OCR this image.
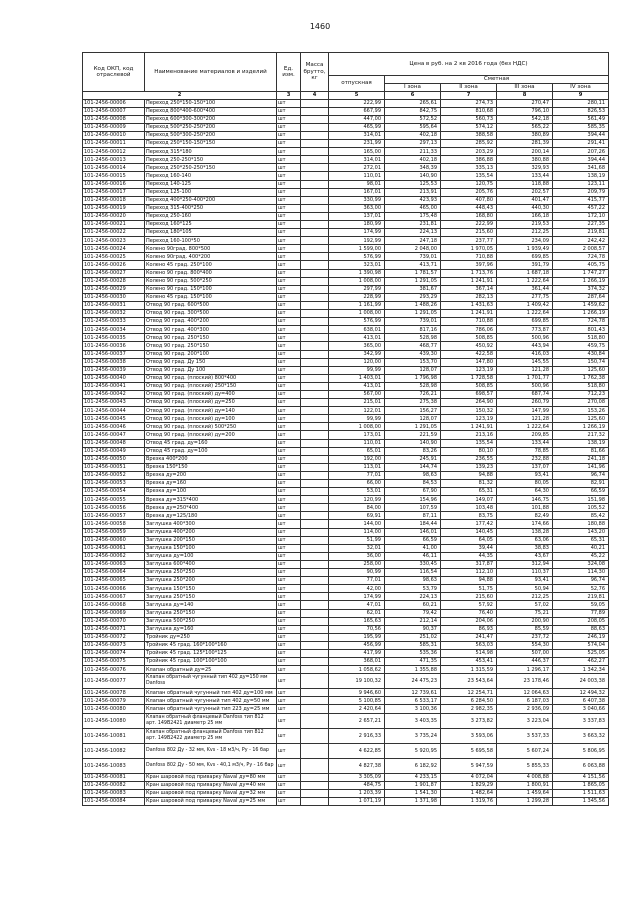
1460
Код ОКП, код отраслевой	Наименование материалов и изделий	Ед. изм.	Масса брутто, кг	Цена в руб. на 2 кв 2016 года (без НДС)				
				отпускная	Сметная			
					I зона	II зона	III зона	IV зона
2		3	4	5	6	7	8	9
101-2456-00006	Переход 250*150-150*100	шт		222,99	265,61	274,73	270,47	280,11
101-2456-00007	Переход 800*400-600*400	шт		667,99	842,75	810,68	796,10	826,53
101-2456-00008	Переход 600*300-300*200	шт		447,00	572,52	560,73	542,18	561,49
101-2456-00009	Переход 500*250-250*200	шт		465,99	595,64	574,12	565,22	585,35
101-2456-00010	Переход 500*300-250*200	шт		314,01	402,18	388,58	380,89	394,44
101-2456-00011	Переход 250*150-150*150	шт		231,99	297,13	285,92	281,39	291,41
101-2456-00012	Переход 315*180	шт		165,00	211,33	203,29	200,14	207,26
101-2456-00013	Переход 250-250*150	шт		314,01	402,18	386,88	380,88	394,44
101-2456-00014	Переход 250*250-250*150	шт		272,01	348,39	335,13	329,93	341,68
101-2456-00015	Переход 160-140	шт		110,01	140,90	135,54	133,44	138,19
101-2456-00016	Переход 140-125	шт		98,01	125,53	120,75	118,88	123,11
101-2456-00017	Переход 125-100	шт		167,01	213,91	205,76	202,57	209,79
101-2456-00018	Переход 400*250-400*200	шт		330,99	423,93	407,80	401,47	415,77
101-2456-00019	Переход 315-400*250	шт		363,00	465,00	448,43	440,30	457,22
101-2456-00020	Переход 250-160	шт		137,01	175,48	168,80	166,18	172,10
101-2456-00021	Переход 160*125	шт		180,99	231,81	222,99	219,53	227,35
101-2456-00022	Переход 180*105	шт		174,99	224,13	215,60	212,25	219,81
101-2456-00023	Переход 160-100*50	шт		192,99	247,18	237,77	234,09	242,42
101-2456-00024	Колено 90град. 800*500	шт		1 599,00	2 048,00	1 970,05	1 939,49	2 008,57
101-2456-00025	Колено 90град. 400*200	шт		576,99	739,01	710,88	699,85	724,78
101-2456-00026	Колено 45 град. 250*100	шт		323,01	413,71	397,96	391,79	405,75
101-2456-00027	Колено 90 град. 800*400	шт		1 390,98	1 781,57	1 713,76	1 687,18	1 747,27
101-2456-00028	Колено 90 град. 500*250	шт		1 008,00	1 291,05	1 241,91	1 222,64	1 266,19
101-2456-00029	Колено 90 град. 150*100	шт		297,99	381,67	367,14	361,44	374,32
101-2456-00030	Колено 45 град. 150*100	шт		228,99	293,29	282,13	277,75	287,64
101-2456-00031	Отвод 90 град. 600*500	шт		1 161,99	1 488,26	1 431,63	1 409,42	1 459,62
101-2456-00032	Отвод 90 град. 300*500	шт		1 008,00	1 291,05	1 241,91	1 222,64	1 266,19
101-2456-00033	Отвод 90 град. 400*200	шт		576,99	739,01	710,88	699,85	724,78
101-2456-00034	Отвод 90 град. 400*300	шт		638,01	817,16	786,06	773,87	801,43
101-2456-00035	Отвод 90 град. 250*150	шт		413,01	528,98	508,85	500,96	518,80
101-2456-00036	Отвод 90 град. 250*150	шт		365,00	468,77	450,92	443,94	459,75
101-2456-00037	Отвод 90 град. 200*100	шт		342,99	439,30	422,58	416,03	430,84
101-2456-00038	Отвод 90 град. Ду 150	шт		120,00	153,70	147,80	145,55	150,74
101-2456-00039	Отвод 90 град. Ду 100	шт		99,99	128,07	123,19	121,28	125,60
101-2456-00040	Отвод 90 град. (плоский) 800*400	шт		1 403,01	1 796,98	1 728,58	1 701,77	1 762,38
101-2456-00041	Отвод 90 град. (плоский) 250*150	шт		413,01	528,98	508,85	500,96	518,80
101-2456-00042	Отвод 90 град. (плоский) ду=400	шт		567,00	726,21	698,57	687,74	712,23
101-2456-00043	Отвод 90 град. (плоский) ду=250	шт		215,01	275,38	264,90	260,79	270,08
101-2456-00044	Отвод 90 град. (плоский) ду=140	шт		122,01	156,27	150,32	147,99	153,26
101-2456-00045	Отвод 90 град. (плоский) ду=100	шт		99,99	128,07	123,19	121,28	125,60
101-2456-00046	Отвод 90 град. (плоский) 500*250	шт		1 008,00	1 291,05	1 241,91	1 222,64	1 266,19
101-2456-00047	Отвод 90 град. (плоский) ду=200	шт		173,01	221,59	213,16	209,85	217,32
101-2456-00048	Отвод 45 град. ду=160	шт		110,01	140,90	135,54	133,44	138,19
101-2456-00049	Отвод 45 град. ду=100	шт		65,01	83,26	80,10	78,85	81,66
101-2456-00050	Врезка 400*200	шт		192,00	245,91	236,55	232,88	241,18
101-2456-00051	Врезка 150*150	шт		113,01	144,74	139,23	137,07	141,96
101-2456-00052	Врезка ду=200	шт		77,01	98,63	94,88	93,41	96,74
101-2456-00053	Врезка ду=160	шт		66,00	84,53	81,32	80,05	82,91
101-2456-00054	Врезка ду=100	шт		53,01	67,90	65,31	64,30	66,59
101-2456-00055	Врезка ду=315*400	шт		120,99	154,96	149,07	146,75	151,98
101-2456-00056	Врезка ду=250*400	шт		84,00	107,59	103,48	101,88	105,52
101-2456-00057	Врезка ду=125/180	шт		69,91	87,11	83,75	82,49	85,42
101-2456-00058	Заглушка 400*300	шт		144,00	184,44	177,42	174,66	180,88
101-2456-00059	Заглушка 400*200	шт		114,00	146,01	140,45	138,28	143,20
101-2456-00060	Заглушка 200*150	шт		51,99	66,59	64,05	63,06	65,31
101-2456-00061	Заглушка 150*100	шт		32,01	41,00	39,44	38,83	40,21
101-2456-00062	Заглушка ду=100	шт		36,00	46,11	44,35	43,67	45,22
101-2456-00063	Заглушка 600*400	шт		258,00	330,45	317,87	312,94	324,08
101-2456-00064	Заглушка 250*250	шт		90,99	116,54	112,10	110,37	114,30
101-2456-00065	Заглушка 250*200	шт		77,01	98,63	94,88	93,41	96,74
101-2456-00066	Заглушка 150*150	шт		42,00	53,79	51,75	50,94	52,76
101-2456-00067	Заглушка 250*150	шт		174,99	224,13	215,60	212,25	219,81
101-2456-00068	Заглушка ду=140	шт		47,01	60,21	57,92	57,02	59,05
101-2456-00069	Заглушка 250*150	шт		62,01	79,42	76,40	75,21	77,89
101-2456-00070	Заглушка 500*250	шт		165,63	212,14	204,06	200,90	208,05
101-2456-00071	Заглушка ду=160	шт		70,56	90,37	86,93	85,59	88,63
101-2456-00072	Тройник ду=250	шт		195,99	251,02	241,47	237,72	246,19
101-2456-00073	Тройник 45 град. 160*100*160	шт		456,99	585,31	563,03	554,30	574,04
101-2456-00074	Тройник 45 град. 125*100*125	шт		417,99	535,36	514,98	507,00	525,05
101-2456-00075	Тройник 45 град. 100*100*100	шт		368,01	471,35	453,41	446,37	462,27
101-2456-00076	Клапан обратный ду=25	шт		1 058,62	1 355,88	1 315,59	1 296,17	1 342,34
101-2456-00077	Клапан обратный чугунный тип 402 ду=150 мм Danfoss	шт		19 100,32	24 475,23	23 543,64	23 178,46	24 003,38
101-2456-00078	Клапан обратный чугунный тип 402 ду=100 мм	шт		9 946,60	12 739,61	12 254,71	12 064,63	12 494,32
101-2456-00079	Клапан обратный чугунный тип 402 ду=50 мм	шт		5 100,85	6 533,17	6 284,50	6 187,03	6 407,38
101-2456-00080	Клапан обратный чугунный тип 223 ду=25 мм	шт		2 420,64	3 100,36	2 982,35	2 936,09	3 040,66
101-2456-10080	Клапан обратный фланцевый Danfoss тип 812 арт. 149B2421 диаметр 25 мм	шт		2 657,21	3 403,35	3 273,82	3 223,04	3 337,83
101-2456-10081	Клапан обратный фланцевый Danfoss тип 812 арт. 149B2422 диаметр 25 мм	шт		2 916,33	3 735,24	3 593,06	3 537,33	3 663,32
101-2456-10082	Danfoss 802 Ду - 32 мм, Kvs - 18 м3/ч, Ру - 16 бар	шт		4 622,85	5 920,95	5 695,58	5 607,24	5 806,95
101-2456-10083	Danfoss 802 Ду - 50 мм, Kvs - 40,1 м3/ч, Ру - 16 бар	шт		4 827,38	6 182,92	5 947,59	5 855,33	6 063,88
101-2456-00081	Кран шаровой под приварку Naval ду=80 мм	шт		3 305,09	4 233,15	4 072,04	4 008,88	4 151,56
101-2456-00082	Кран шаровой под приварку Naval ду=40 мм	шт		484,75	1 901,87	1 829,29	1 800,91	1 865,05
101-2456-00083	Кран шаровой под приварку Naval ду=32 мм	шт		1 203,39	1 541,30	1 482,64	1 459,64	1 511,63
101-2456-00084	Кран шаровой под приварку Naval ду=25 мм	шт		1 071,19	1 371,98	1 319,76	1 299,28	1 345,56
